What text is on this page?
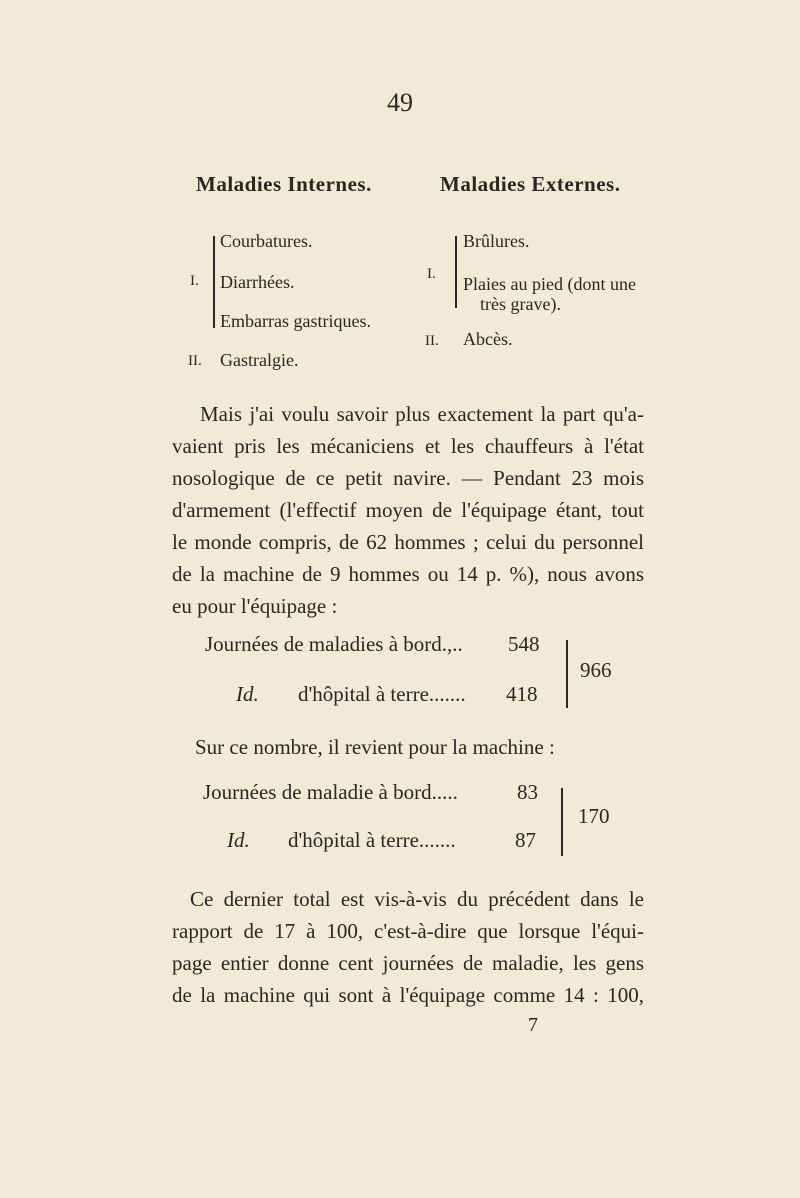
49
Maladies Internes.	Maladies Externes.
I.
Courbatures.
Diarrhées.
Embarras gastriques.
II. Gastralgie.
I.
Brûlures.
Plaies au pied (dont une
très grave).
II. Abcès.
Mais j'ai voulu savoir plus exactement la part qu'a-
vaient pris les mécaniciens et les chauffeurs à l'état
nosologique de ce petit navire. — Pendant 23 mois
d'armement (l'effectif moyen de l'équipage étant, tout
le monde compris, de 62 hommes ; celui du personnel
de la machine de 9 hommes ou 14 p. %), nous avons
eu pour l'équipage :
Journées de maladies à bord.,.. 548
Id. d'hôpital à terre....... 418
966
Sur ce nombre, il revient pour la machine :
Journées de maladie à bord.....	83
Id. d'hôpital à terre.......	87
170
Ce dernier total est vis-à-vis du précédent dans le
rapport de 17 à 100, c'est-à-dire que lorsque l'équi-
page entier donne cent journées de maladie, les gens
de la machine qui sont à l'équipage comme 14 : 100,
7
